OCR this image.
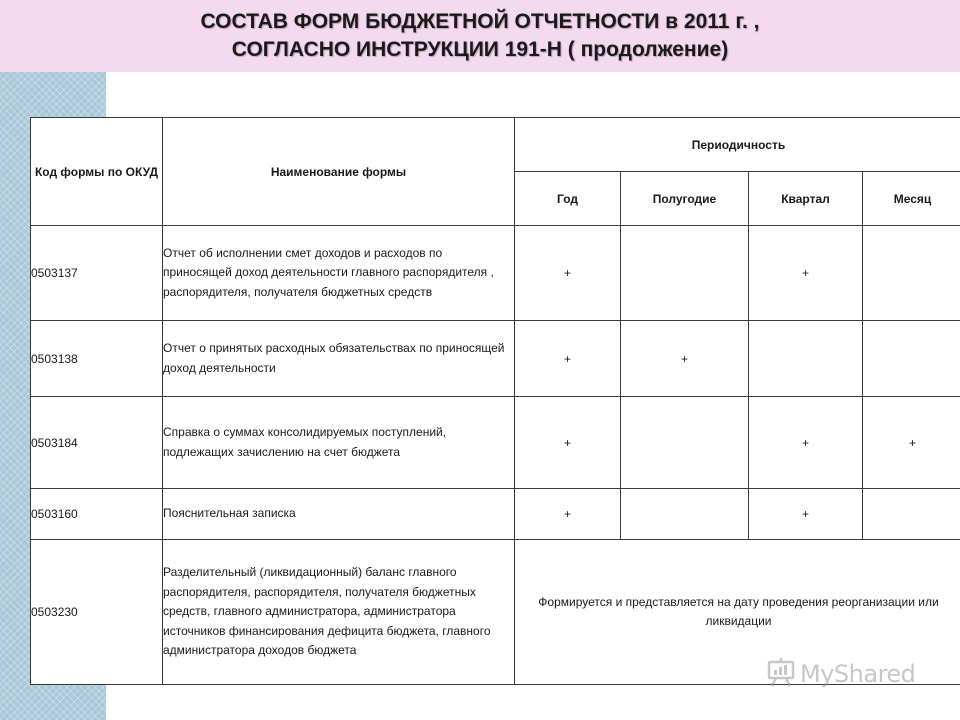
СОСТАВ ФОРМ БЮДЖЕТНОЙ ОТЧЕТНОСТИ в 2011 г. ,
СОГЛАСНО ИНСТРУКЦИИ 191-Н ( продолжение)
Код формы по ОКУД	Наименование формы	Периодичность			
		Год	Полугодие	Квартал	Месяц
0503137	Отчет об исполнении смет доходов и расходов по приносящей доход деятельности главного распорядителя , распорядителя, получателя бюджетных средств	+		+	
0503138	Отчет о принятых расходных обязательствах по приносящей доход деятельности	+	+		
0503184	Справка о суммах консолидируемых поступлений, подлежащих зачислению на счет бюджета	+		+	+
0503160	Пояснительная записка	+		+	
0503230	Разделительный (ликвидационный) баланс главного распорядителя, распорядителя, получателя бюджетных средств, главного администратора, администратора источников финансирования дефицита бюджета, главного администратора доходов бюджета	Формируется и представляется на дату проведения реорганизации или ликвидации			
MyShared
